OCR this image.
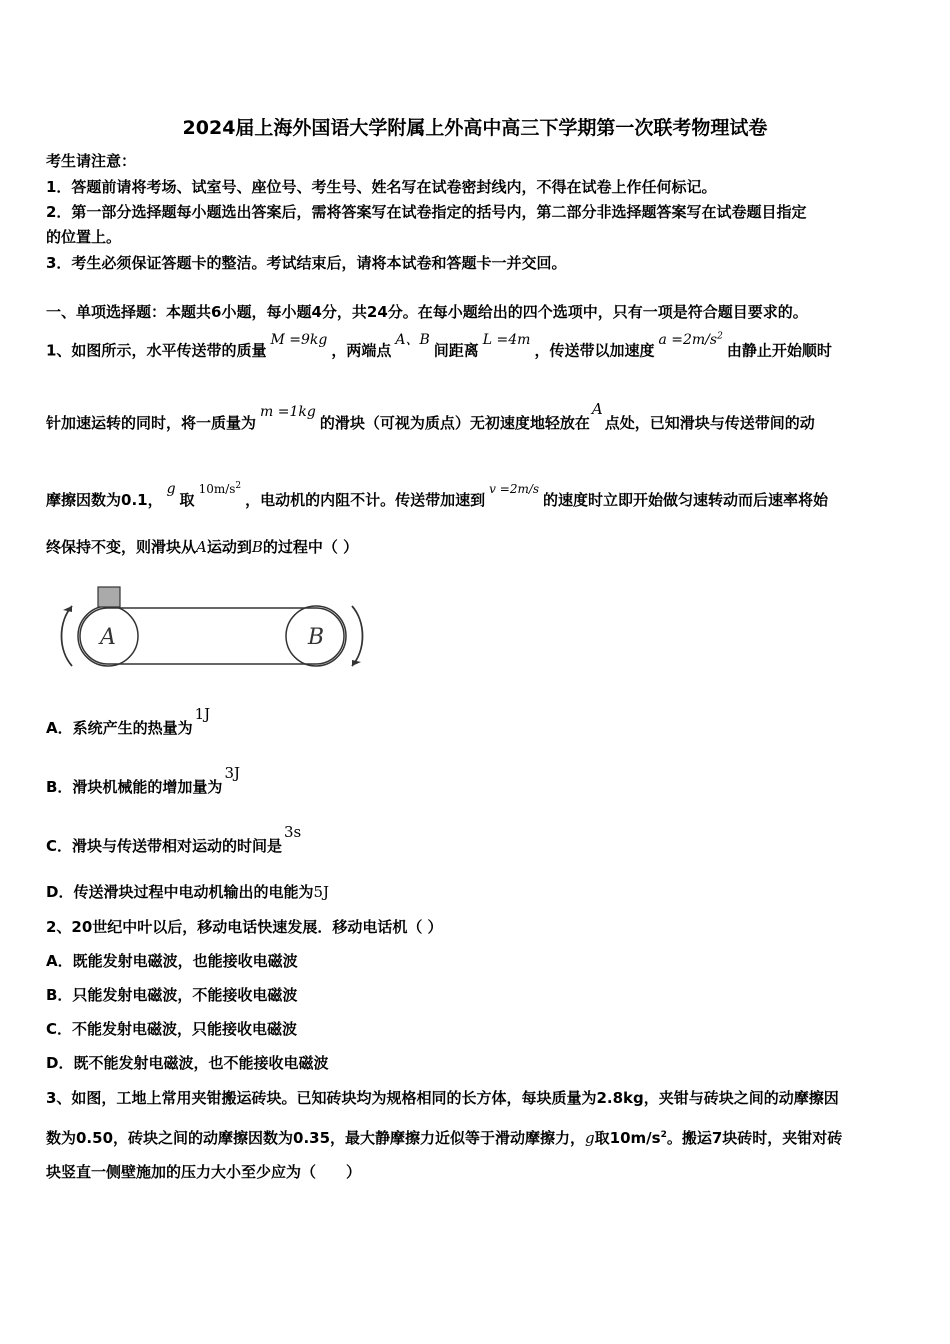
2024届上海外国语大学附属上外高中高三下学期第一次联考物理试卷
考生请注意：
1．答题前请将考场、试室号、座位号、考生号、姓名写在试卷密封线内，不得在试卷上作任何标记。
2．第一部分选择题每小题选出答案后，需将答案写在试卷指定的括号内，第二部分非选择题答案写在试卷题目指定
的位置上。
3．考生必须保证答题卡的整洁。考试结束后，请将本试卷和答题卡一并交回。
一、单项选择题：本题共6小题，每小题4分，共24分。在每小题给出的四个选项中，只有一项是符合题目要求的。
1、如图所示，水平传送带的质量M =9kg，两端点A、B间距离L =4m，传送带以加速度$a =2m/s^2$由静止开始顺时
针加速运转的同时，将一质量为m =1kg的滑块（可视为质点）无初速度地轻放在A点处，已知滑块与传送带间的动
摩擦因数为0.1，g取$^{10m/s^2}$，电动机的内阻不计。传送带加速到$^{v =2m/s}$的速度时立即开始做匀速转动而后速率将始
终保持不变，则滑块从A运动到B的过程中（ ）
A	B
A．系统产生的热量为1J
B．滑块机械能的增加量为3J
C．滑块与传送带相对运动的时间是3s
D．传送滑块过程中电动机输出的电能为5J
2、20世纪中叶以后，移动电话快速发展．移动电话机（ ）
A．既能发射电磁波，也能接收电磁波
B．只能发射电磁波，不能接收电磁波
C．不能发射电磁波，只能接收电磁波
D．既不能发射电磁波，也不能接收电磁波
3、如图，工地上常用夹钳搬运砖块。已知砖块均为规格相同的长方体，每块质量为2.8kg，夹钳与砖块之间的动摩擦因
数为0.50，砖块之间的动摩擦因数为0.35，最大静摩擦力近似等于滑动摩擦力，g取$10m/s^2$。搬运7块砖时，夹钳对砖
块竖直一侧壁施加的压力大小至少应为（　　）
